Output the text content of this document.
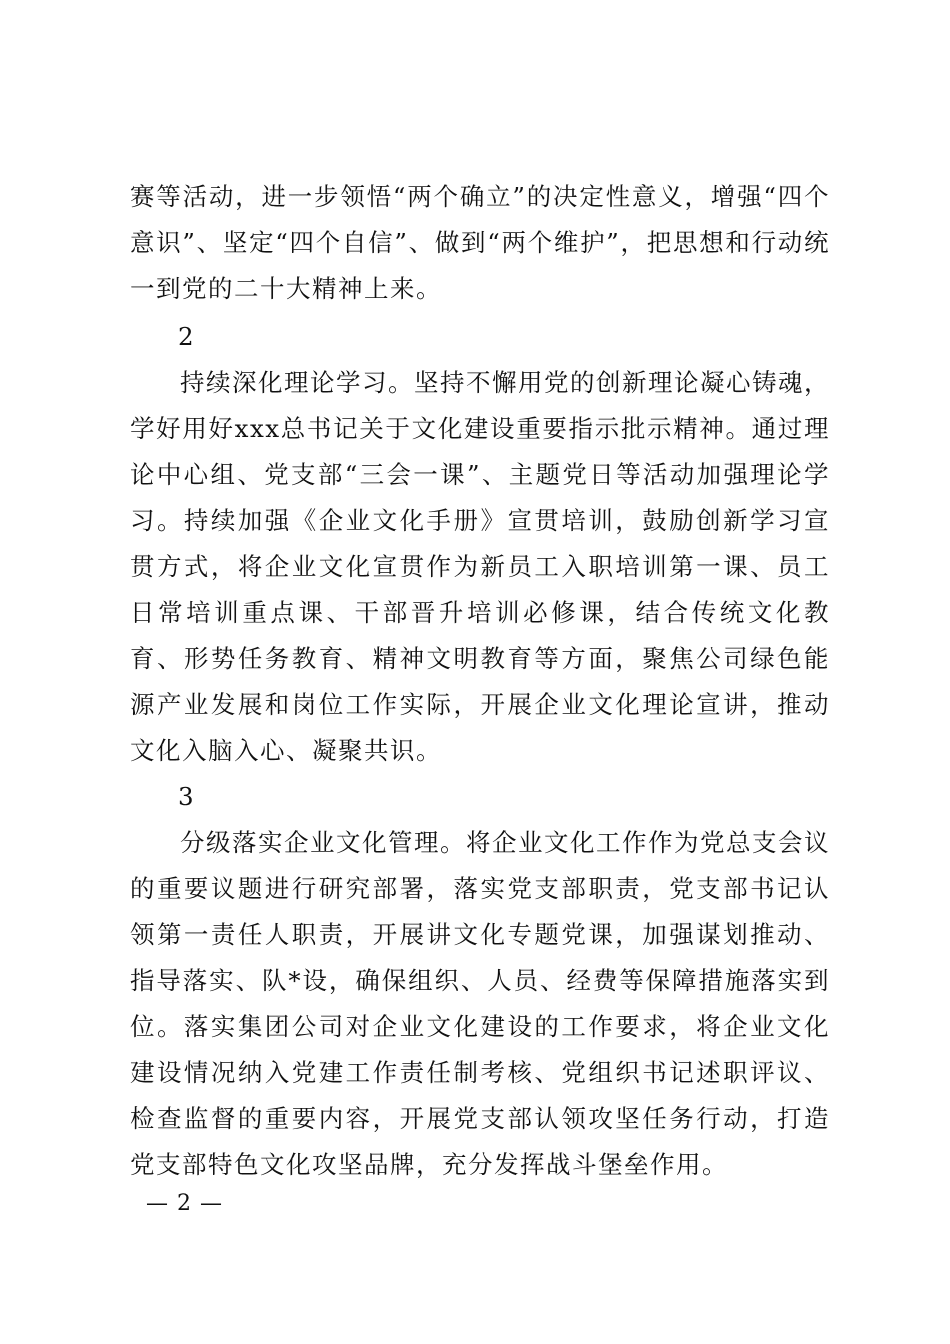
赛等活动，进一步领悟“两个确立”的决定性意义，增强“四个意识”、坚定“四个自信”、做到“两个维护”，把思想和行动统一到党的二十大精神上来。

2

持续深化理论学习。坚持不懈用党的创新理论凝心铸魂，学好用好xxx总书记关于文化建设重要指示批示精神。通过理论中心组、党支部“三会一课”、主题党日等活动加强理论学习。持续加强《企业文化手册》宣贯培训，鼓励创新学习宣贯方式，将企业文化宣贯作为新员工入职培训第一课、员工日常培训重点课、干部晋升培训必修课，结合传统文化教育、形势任务教育、精神文明教育等方面，聚焦公司绿色能源产业发展和岗位工作实际，开展企业文化理论宣讲，推动文化入脑入心、凝聚共识。

3

分级落实企业文化管理。将企业文化工作作为党总支会议的重要议题进行研究部署，落实党支部职责，党支部书记认领第一责任人职责，开展讲文化专题党课，加强谋划推动、指导落实、队*设，确保组织、人员、经费等保障措施落实到位。落实集团公司对企业文化建设的工作要求，将企业文化建设情况纳入党建工作责任制考核、党组织书记述职评议、检查监督的重要内容，开展党支部认领攻坚任务行动，打造党支部特色文化攻坚品牌，充分发挥战斗堡垒作用。

— 2 —
